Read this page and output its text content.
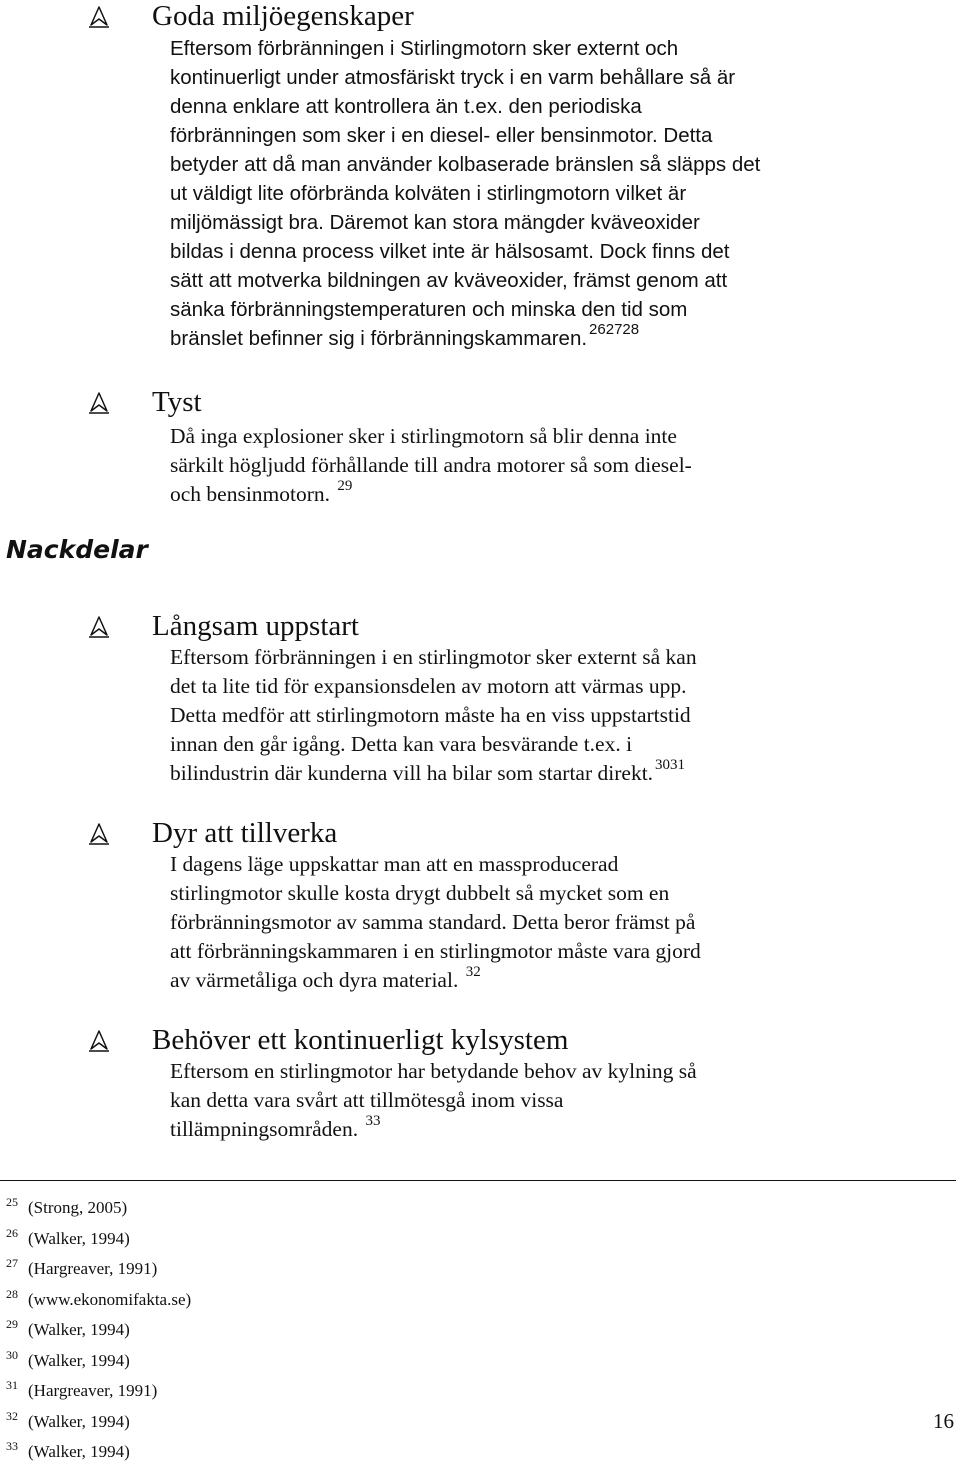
Goda miljöegenskaper
Eftersom förbränningen i Stirlingmotorn sker externt och
kontinuerligt under atmosfäriskt tryck i en varm behållare så är
denna enklare att kontrollera än t.ex. den periodiska
förbränningen som sker i en diesel- eller bensinmotor. Detta
betyder att då man använder kolbaserade bränslen så släpps det
ut väldigt lite oförbrända kolväten i stirlingmotorn vilket är
miljömässigt bra. Däremot kan stora mängder kväveoxider
bildas i denna process vilket inte är hälsosamt. Dock finns det
sätt att motverka bildningen av kväveoxider, främst genom att
sänka förbränningstemperaturen och minska den tid som
bränslet befinner sig i förbränningskammaren. $^{262728}$
Tyst
Då inga explosioner sker i stirlingmotorn så blir denna inte
särkilt högljudd förhållande till andra motorer så som diesel-
och bensinmotorn. $^{29}$
Nackdelar
Långsam uppstart
Eftersom förbränningen i en stirlingmotor sker externt så kan
det ta lite tid för expansionsdelen av motorn att värmas upp.
Detta medför att stirlingmotorn måste ha en viss uppstartstid
innan den går igång. Detta kan vara besvärande t.ex. i
bilindustrin där kunderna vill ha bilar som startar direkt. $^{3031}$
Dyr att tillverka
I dagens läge uppskattar man att en massproducerad
stirlingmotor skulle kosta drygt dubbelt så mycket som en
förbränningsmotor av samma standard. Detta beror främst på
att förbränningskammaren i en stirlingmotor måste vara gjord
av värmetåliga och dyra material. $^{32}$
Behöver ett kontinuerligt kylsystem
Eftersom en stirlingmotor har betydande behov av kylning så
kan detta vara svårt att tillmötesgå inom vissa
tillämpningsområden. $^{33}$
25 (Strong, 2005)
26 (Walker, 1994)
27 (Hargreaver, 1991)
28 (www.ekonomifakta.se)
29 (Walker, 1994)
30 (Walker, 1994)
31 (Hargreaver, 1991)
32 (Walker, 1994)
33 (Walker, 1994)
16
